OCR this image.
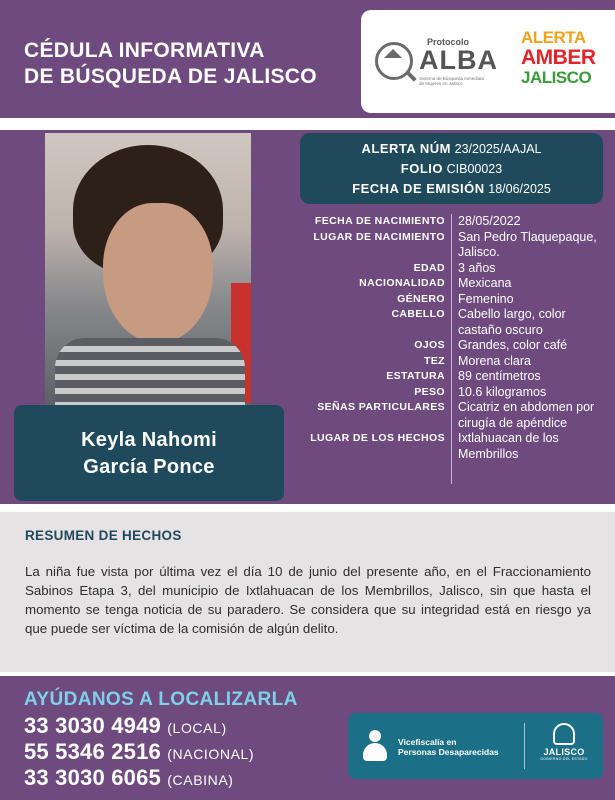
CÉDULA INFORMATIVA
DE BÚSQUEDA DE JALISCO
Protocolo
ALBA
Sistema de Búsqueda Inmediata de Mujeres en Jalisco
ALERTA
AMBER
JALISCO
Keyla Nahomi
García Ponce
ALERTA NÚM 23/2025/AAJAL
FOLIO CIB00023
FECHA DE EMISIÓN 18/06/2025
FECHA DE NACIMIENTO 28/05/2022
LUGAR DE NACIMIENTO San Pedro Tlaquepaque, Jalisco.
EDAD 3 años
NACIONALIDAD Mexicana
GÉNERO Femenino
CABELLO Cabello largo, color castaño oscuro
OJOS Grandes, color café
TEZ Morena clara
ESTATURA 89 centímetros
PESO 10.6 kilogramos
SEÑAS PARTICULARES Cicatriz en abdomen por cirugía de apéndice
LUGAR DE LOS HECHOS Ixtlahuacan de los Membrillos
RESUMEN DE HECHOS
La niña fue vista por última vez el día 10 de junio del presente año, en el Fraccionamiento Sabinos Etapa 3, del municipio de Ixtlahuacan de los Membrillos, Jalisco, sin que hasta el momento se tenga noticia de su paradero. Se considera que su integridad está en riesgo ya que puede ser víctima de la comisión de algún delito.
AYÚDANOS A LOCALIZARLA
33 3030 4949 (LOCAL)
55 5346 2516 (NACIONAL)
33 3030 6065 (CABINA)
Vicefiscalía en
Personas Desaparecidas	JALISCO
GOBIERNO DEL ESTADO
